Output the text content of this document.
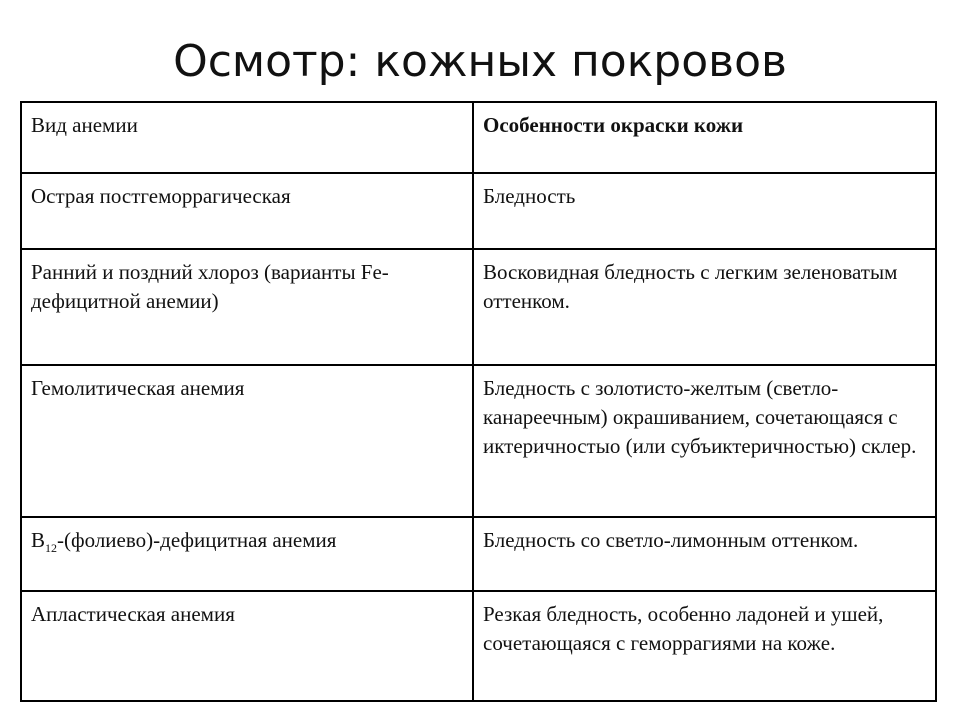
Осмотр: кожных покровов
Вид анемии	Особенности окраски кожи
Острая постгеморрагическая	Бледность
Ранний и поздний хлороз (варианты Fe-дефицитной анемии)	Восковидная бледность с легким зеленоватым оттенком.
Гемолитическая анемия	Бледность с золотисто-желтым (светло-канареечным) окрашиванием, сочетающаяся с иктеричностыо (или субъиктеричностью) склер.
$B_{12}-(фолиево)$-дефицитная анемия	Бледность со светло-лимонным оттенком.
Апластическая анемия	Резкая бледность, особенно ладоней и ушей, сочетающаяся с геморрагиями на коже.
